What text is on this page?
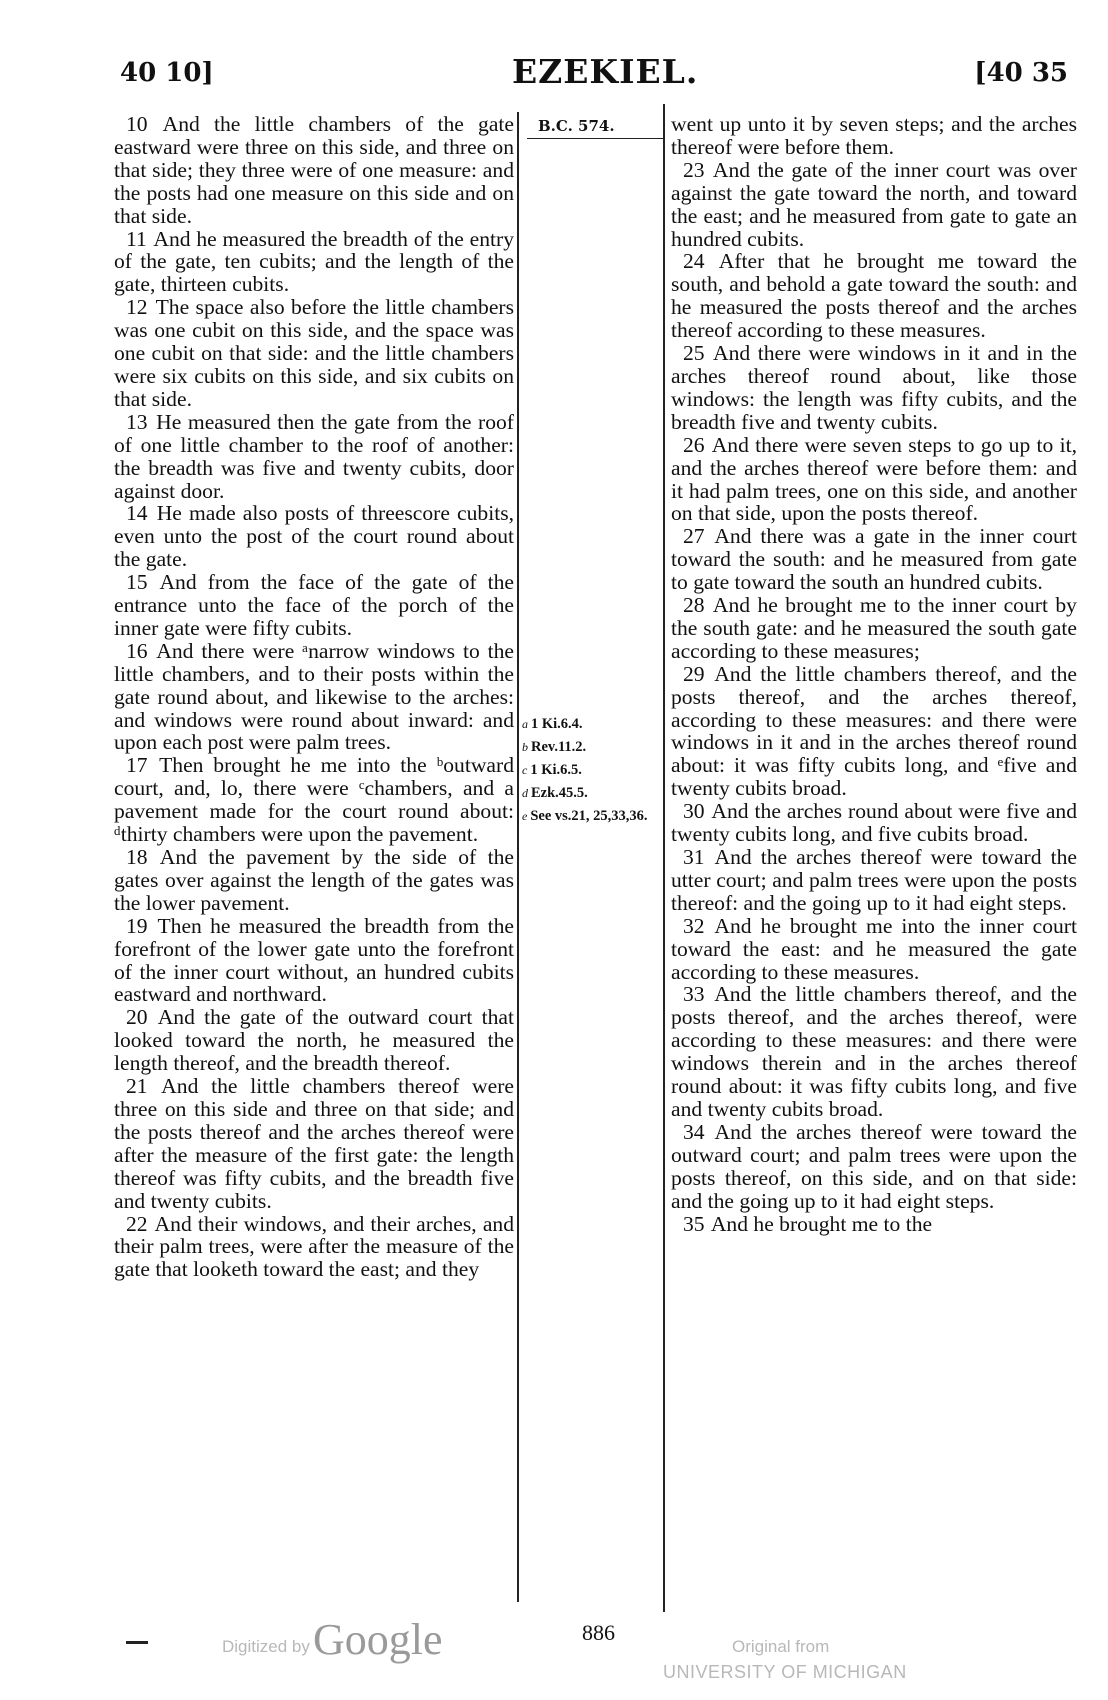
40 10]	EZEKIEL.	[40 35

10 And the little chambers of the gate eastward were three on this side, and three on that side; they three were of one measure: and the posts had one measure on this side and on that side.

11 And he measured the breadth of the entry of the gate, ten cubits; and the length of the gate, thirteen cubits.

12 The space also before the little chambers was one cubit on this side, and the space was one cubit on that side: and the little chambers were six cubits on this side, and six cubits on that side.

13 He measured then the gate from the roof of one little chamber to the roof of another: the breadth was five and twenty cubits, door against door.

14 He made also posts of threescore cubits, even unto the post of the court round about the gate.

15 And from the face of the gate of the entrance unto the face of the porch of the inner gate were fifty cubits.

16 And there were ᵃnarrow windows to the little chambers, and to their posts within the gate round about, and likewise to the arches: and windows were round about inward: and upon each post were palm trees.

17 Then brought he me into the ᵇoutward court, and, lo, there were ᶜchambers, and a pavement made for the court round about: ᵈthirty chambers were upon the pavement.

18 And the pavement by the side of the gates over against the length of the gates was the lower pavement.

19 Then he measured the breadth from the forefront of the lower gate unto the forefront of the inner court without, an hundred cubits eastward and northward.

20 And the gate of the outward court that looked toward the north, he measured the length thereof, and the breadth thereof.

21 And the little chambers thereof were three on this side and three on that side; and the posts thereof and the arches thereof were after the measure of the first gate: the length thereof was fifty cubits, and the breadth five and twenty cubits.

22 And their windows, and their arches, and their palm trees, were after the measure of the gate that looketh toward the east; and they

B.C. 574.
a 1 Ki.6.4.
b Rev.11.2.
c 1 Ki.6.5.
d Ezk.45.5.
e See vs.21, 25,33,36.

went up unto it by seven steps; and the arches thereof were before them.

23 And the gate of the inner court was over against the gate toward the north, and toward the east; and he measured from gate to gate an hundred cubits.

24 After that he brought me toward the south, and behold a gate toward the south: and he measured the posts thereof and the arches thereof according to these measures.

25 And there were windows in it and in the arches thereof round about, like those windows: the length was fifty cubits, and the breadth five and twenty cubits.

26 And there were seven steps to go up to it, and the arches thereof were before them: and it had palm trees, one on this side, and another on that side, upon the posts thereof.

27 And there was a gate in the inner court toward the south: and he measured from gate to gate toward the south an hundred cubits.

28 And he brought me to the inner court by the south gate: and he measured the south gate according to these measures;

29 And the little chambers thereof, and the posts thereof, and the arches thereof, according to these measures: and there were windows in it and in the arches thereof round about: it was fifty cubits long, and ᵉfive and twenty cubits broad.

30 And the arches round about were five and twenty cubits long, and five cubits broad.

31 And the arches thereof were toward the utter court; and palm trees were upon the posts thereof: and the going up to it had eight steps.

32 And he brought me into the inner court toward the east: and he measured the gate according to these measures.

33 And the little chambers thereof, and the posts thereof, and the arches thereof, were according to these measures: and there were windows therein and in the arches thereof round about: it was fifty cubits long, and five and twenty cubits broad.

34 And the arches thereof were toward the outward court; and palm trees were upon the posts thereof, on this side, and on that side: and the going up to it had eight steps.

35 And he brought me to the

886
Digitized by Google	Original from
UNIVERSITY OF MICHIGAN
